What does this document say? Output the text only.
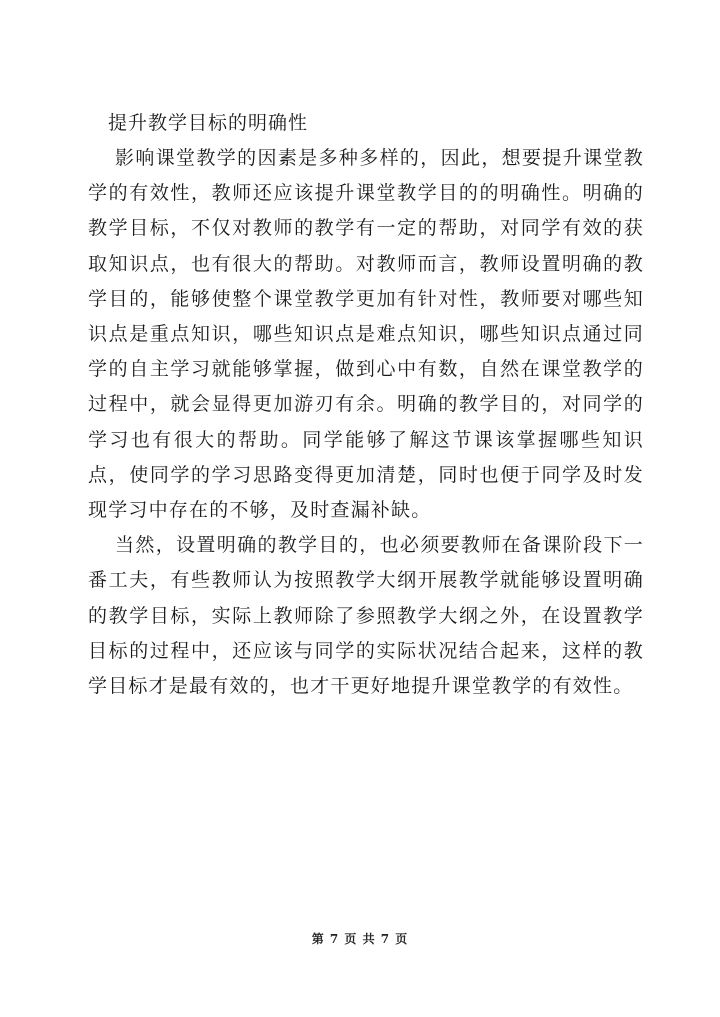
提升教学目标的明确性

影响课堂教学的因素是多种多样的，因此，想要提升课堂教学的有效性，教师还应该提升课堂教学目的的明确性。明确的教学目标，不仅对教师的教学有一定的帮助，对同学有效的获取知识点，也有很大的帮助。对教师而言，教师设置明确的教学目的，能够使整个课堂教学更加有针对性，教师要对哪些知识点是重点知识，哪些知识点是难点知识，哪些知识点通过同学的自主学习就能够掌握，做到心中有数，自然在课堂教学的过程中，就会显得更加游刃有余。明确的教学目的，对同学的学习也有很大的帮助。同学能够了解这节课该掌握哪些知识点，使同学的学习思路变得更加清楚，同时也便于同学及时发现学习中存在的不够，及时查漏补缺。

当然，设置明确的教学目的，也必须要教师在备课阶段下一番工夫，有些教师认为按照教学大纲开展教学就能够设置明确的教学目标，实际上教师除了参照教学大纲之外，在设置教学目标的过程中，还应该与同学的实际状况结合起来，这样的教学目标才是最有效的，也才干更好地提升课堂教学的有效性。

第 7 页 共 7 页
